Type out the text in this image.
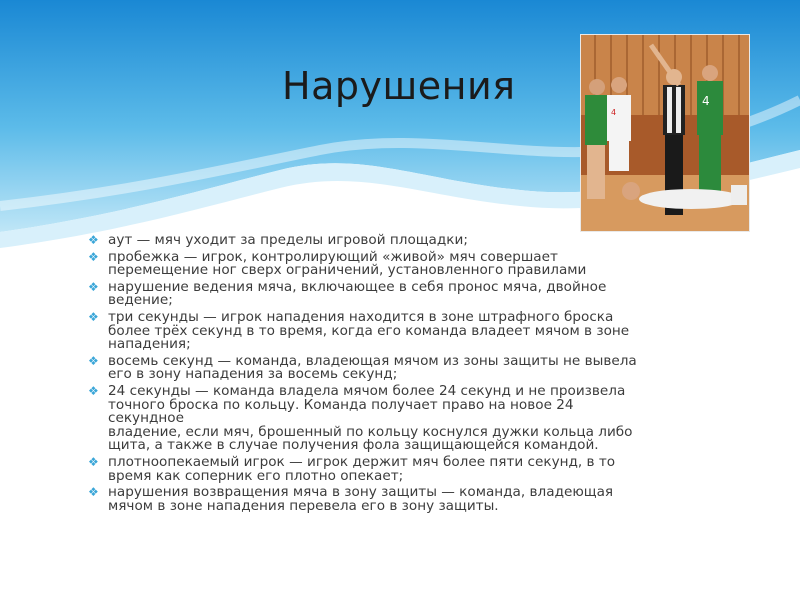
Нарушения
4
4
❖ аут — мяч уходит за пределы игровой площадки;
❖ пробежка — игрок, контролирующий «живой» мяч совершает
перемещение ног сверх ограничений, установленного правилами
❖ нарушение ведения мяча, включающее в себя пронос мяча, двойное
ведение;
❖ три секунды — игрок нападения находится в зоне штрафного броска
более трёх секунд в то время, когда его команда владеет мячом в зоне
нападения;
❖ восемь секунд — команда, владеющая мячом из зоны защиты не вывела
его в зону нападения за восемь секунд;
❖ 24 секунды — команда владела мячом более 24 секунд и не произвела
точного броска по кольцу. Команда получает право на новое 24
секундное
владение, если мяч, брошенный по кольцу коснулся дужки кольца либо
щита, а также в случае получения фола защищающейся командой.
❖ плотноопекаемый игрок — игрок держит мяч более пяти секунд, в то
время как соперник его плотно опекает;
❖ нарушения возвращения мяча в зону защиты — команда, владеющая
мячом в зоне нападения перевела его в зону защиты.
